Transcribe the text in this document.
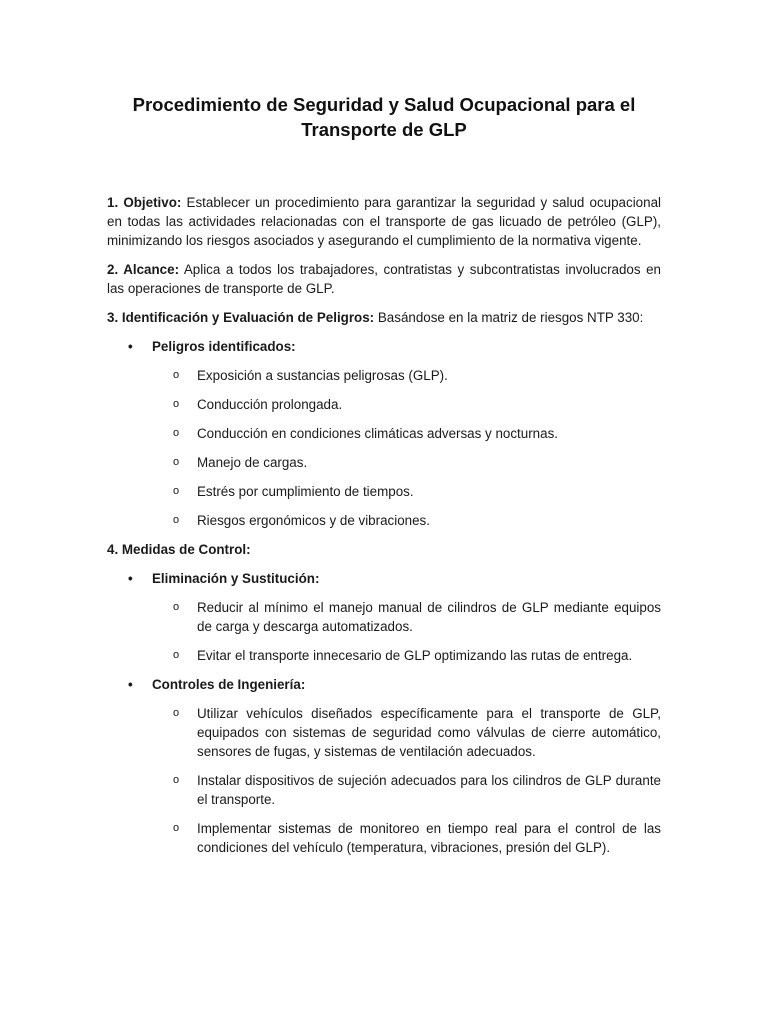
Procedimiento de Seguridad y Salud Ocupacional para el
Transporte de GLP

1. Objetivo: Establecer un procedimiento para garantizar la seguridad y salud ocupacional en todas las actividades relacionadas con el transporte de gas licuado de petróleo (GLP), minimizando los riesgos asociados y asegurando el cumplimiento de la normativa vigente.

2. Alcance: Aplica a todos los trabajadores, contratistas y subcontratistas involucrados en las operaciones de transporte de GLP.

3. Identificación y Evaluación de Peligros: Basándose en la matriz de riesgos NTP 330:

• Peligros identificados:
o Exposición a sustancias peligrosas (GLP).
o Conducción prolongada.
o Conducción en condiciones climáticas adversas y nocturnas.
o Manejo de cargas.
o Estrés por cumplimiento de tiempos.
o Riesgos ergonómicos y de vibraciones.

4. Medidas de Control:

• Eliminación y Sustitución:
o Reducir al mínimo el manejo manual de cilindros de GLP mediante equipos de carga y descarga automatizados.
o Evitar el transporte innecesario de GLP optimizando las rutas de entrega.
• Controles de Ingeniería:
o Utilizar vehículos diseñados específicamente para el transporte de GLP, equipados con sistemas de seguridad como válvulas de cierre automático, sensores de fugas, y sistemas de ventilación adecuados.
o Instalar dispositivos de sujeción adecuados para los cilindros de GLP durante el transporte.
o Implementar sistemas de monitoreo en tiempo real para el control de las condiciones del vehículo (temperatura, vibraciones, presión del GLP).
